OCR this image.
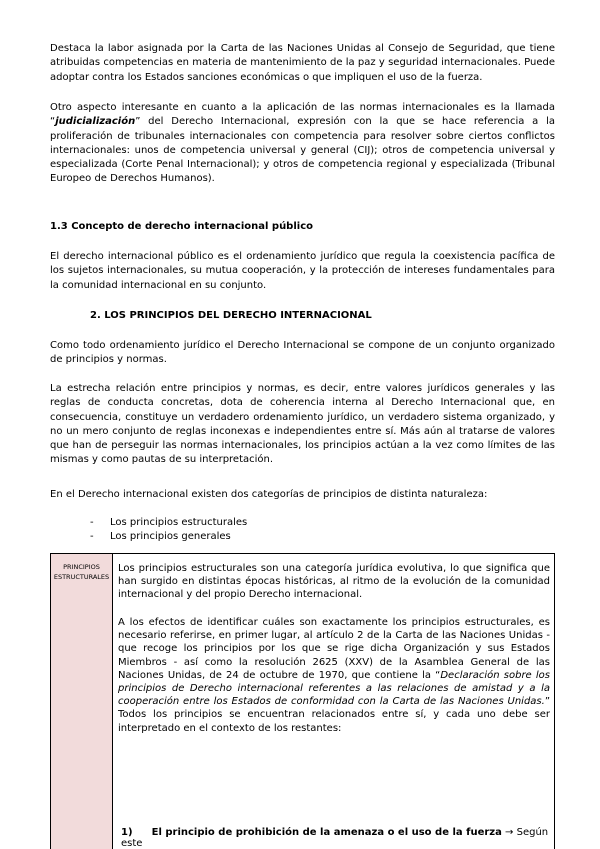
Destaca la labor asignada por la Carta de las Naciones Unidas al Consejo de Seguridad, que tiene atribuidas competencias en materia de mantenimiento de la paz y seguridad internacionales. Puede adoptar contra los Estados sanciones económicas o que impliquen el uso de la fuerza.

Otro aspecto interesante en cuanto a la aplicación de las normas internacionales es la llamada “judicialización” del Derecho Internacional, expresión con la que se hace referencia a la proliferación de tribunales internacionales con competencia para resolver sobre ciertos conflictos internacionales: unos de competencia universal y general (CIJ); otros de competencia universal y especializada (Corte Penal Internacional); y otros de competencia regional y especializada (Tribunal Europeo de Derechos Humanos).

1.3 Concepto de derecho internacional público

El derecho internacional público es el ordenamiento jurídico que regula la coexistencia pacífica de los sujetos internacionales, su mutua cooperación, y la protección de intereses fundamentales para la comunidad internacional en su conjunto.

2. LOS PRINCIPIOS DEL DERECHO INTERNACIONAL

Como todo ordenamiento jurídico el Derecho Internacional se compone de un conjunto organizado de principios y normas.

La estrecha relación entre principios y normas, es decir, entre valores jurídicos generales y las reglas de conducta concretas, dota de coherencia interna al Derecho Internacional que, en consecuencia, constituye un verdadero ordenamiento jurídico, un verdadero sistema organizado, y no un mero conjunto de reglas inconexas e independientes entre sí. Más aún al tratarse de valores que han de perseguir las normas internacionales, los principios actúan a la vez como límites de las mismas y como pautas de su interpretación.

En el Derecho internacional existen dos categorías de principios de distinta naturaleza:

- Los principios estructurales
- Los principios generales
PRINCIPIOS ESTRUCTURALES

Los principios estructurales son una categoría jurídica evolutiva, lo que significa que han surgido en distintas épocas históricas, al ritmo de la evolución de la comunidad internacional y del propio Derecho internacional.

A los efectos de identificar cuáles son exactamente los principios estructurales, es necesario referirse, en primer lugar, al artículo 2 de la Carta de las Naciones Unidas - que recoge los principios por los que se rige dicha Organización y sus Estados Miembros - así como la resolución 2625 (XXV) de la Asamblea General de las Naciones Unidas, de 24 de octubre de 1970, que contiene la “Declaración sobre los principios de Derecho internacional referentes a las relaciones de amistad y a la cooperación entre los Estados de conformidad con la Carta de las Naciones Unidas.” Todos los principios se encuentran relacionados entre sí, y cada uno debe ser interpretado en el contexto de los restantes:

1) El principio de prohibición de la amenaza o el uso de la fuerza → Según este
